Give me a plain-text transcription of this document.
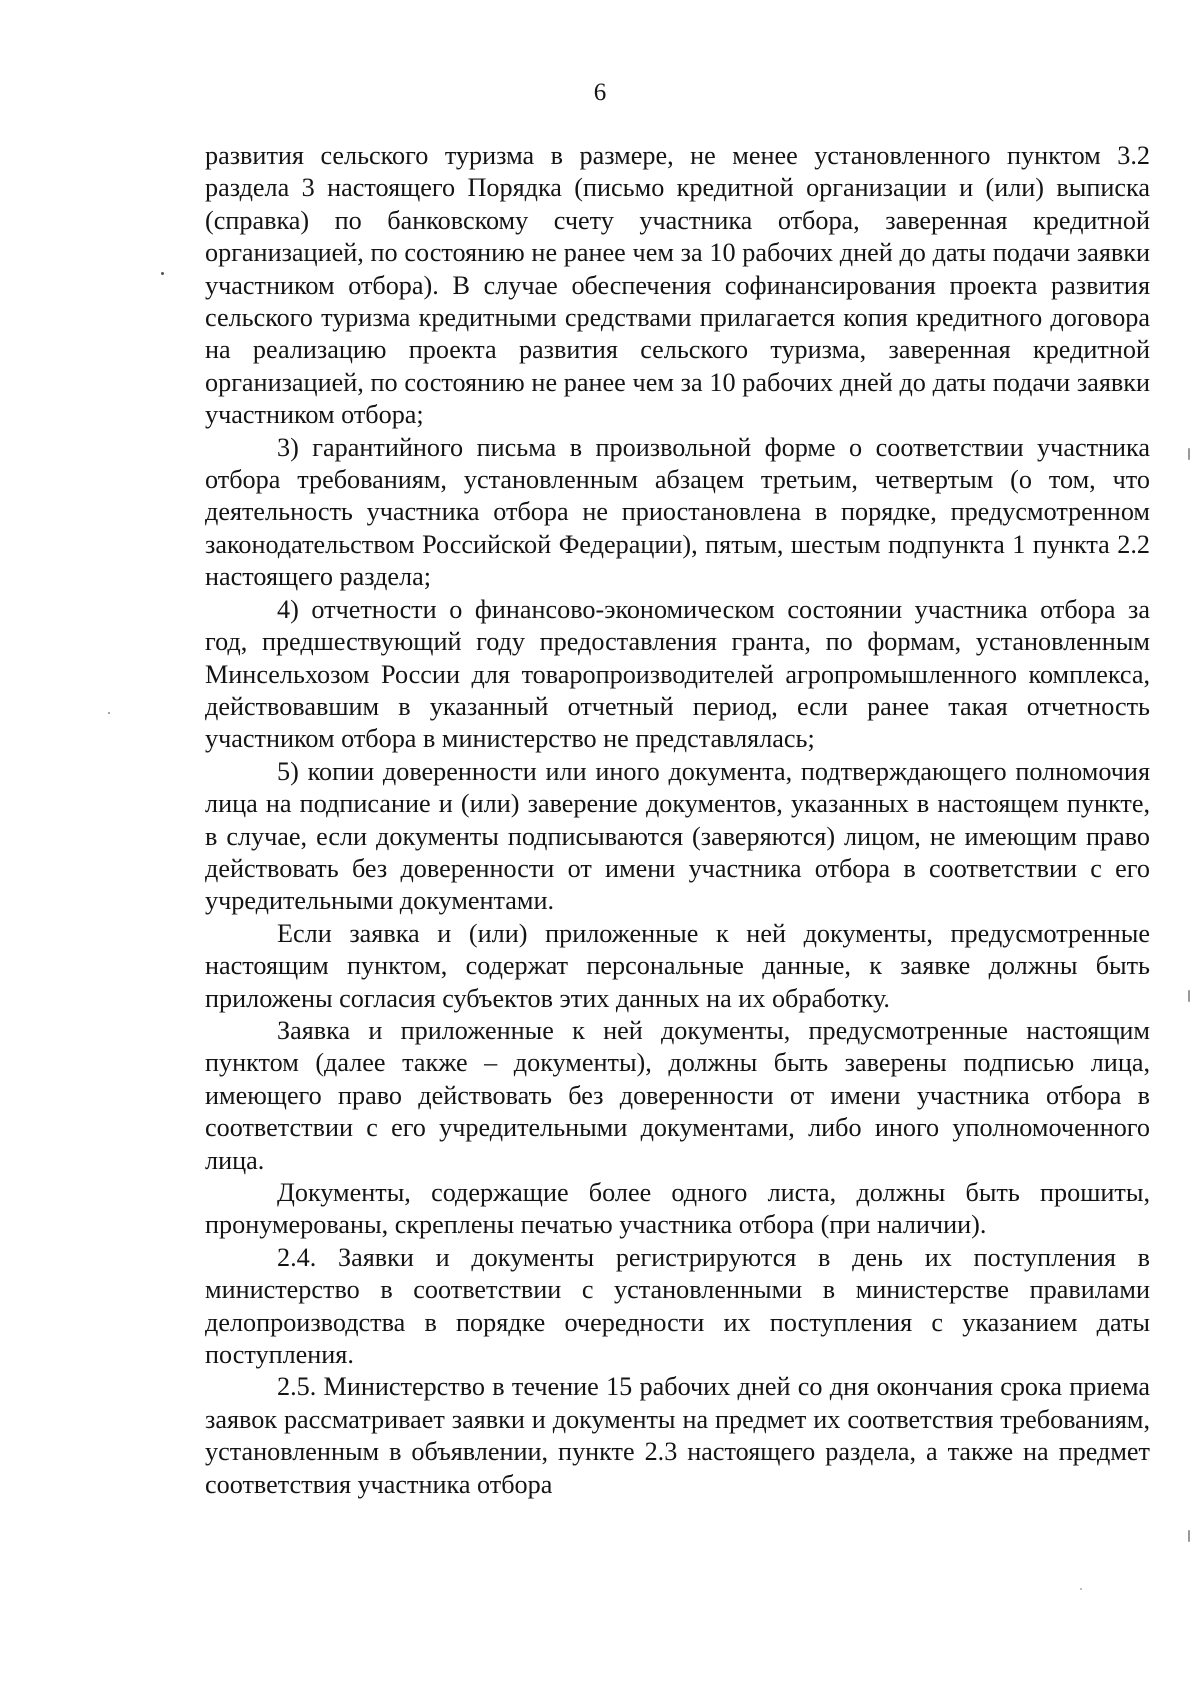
6

развития сельского туризма в размере, не менее установленного пунктом 3.2 раздела 3 настоящего Порядка (письмо кредитной организации и (или) выписка (справка) по банковскому счету участника отбора, заверенная кредитной организацией, по состоянию не ранее чем за 10 рабочих дней до даты подачи заявки участником отбора). В случае обеспечения софинансирования проекта развития сельского туризма кредитными средствами прилагается копия кредитного договора на реализацию проекта развития сельского туризма, заверенная кредитной организацией, по состоянию не ранее чем за 10 рабочих дней до даты подачи заявки участником отбора;

3) гарантийного письма в произвольной форме о соответствии участника отбора требованиям, установленным абзацем третьим, четвертым (о том, что деятельность участника отбора не приостановлена в порядке, предусмотренном законодательством Российской Федерации), пятым, шестым подпункта 1 пункта 2.2 настоящего раздела;

4) отчетности о финансово-экономическом состоянии участника отбора за год, предшествующий году предоставления гранта, по формам, установленным Минсельхозом России для товаропроизводителей агропромышленного комплекса, действовавшим в указанный отчетный период, если ранее такая отчетность участником отбора в министерство не представлялась;

5) копии доверенности или иного документа, подтверждающего полномочия лица на подписание и (или) заверение документов, указанных в настоящем пункте, в случае, если документы подписываются (заверяются) лицом, не имеющим право действовать без доверенности от имени участника отбора в соответствии с его учредительными документами.

Если заявка и (или) приложенные к ней документы, предусмотренные настоящим пунктом, содержат персональные данные, к заявке должны быть приложены согласия субъектов этих данных на их обработку.

Заявка и приложенные к ней документы, предусмотренные настоящим пунктом (далее также – документы), должны быть заверены подписью лица, имеющего право действовать без доверенности от имени участника отбора в соответствии с его учредительными документами, либо иного уполномоченного лица.

Документы, содержащие более одного листа, должны быть прошиты, пронумерованы, скреплены печатью участника отбора (при наличии).

2.4. Заявки и документы регистрируются в день их поступления в министерство в соответствии с установленными в министерстве правилами делопроизводства в порядке очередности их поступления с указанием даты поступления.

2.5. Министерство в течение 15 рабочих дней со дня окончания срока приема заявок рассматривает заявки и документы на предмет их соответствия требованиям, установленным в объявлении, пункте 2.3 настоящего раздела, а также на предмет соответствия участника отбора
